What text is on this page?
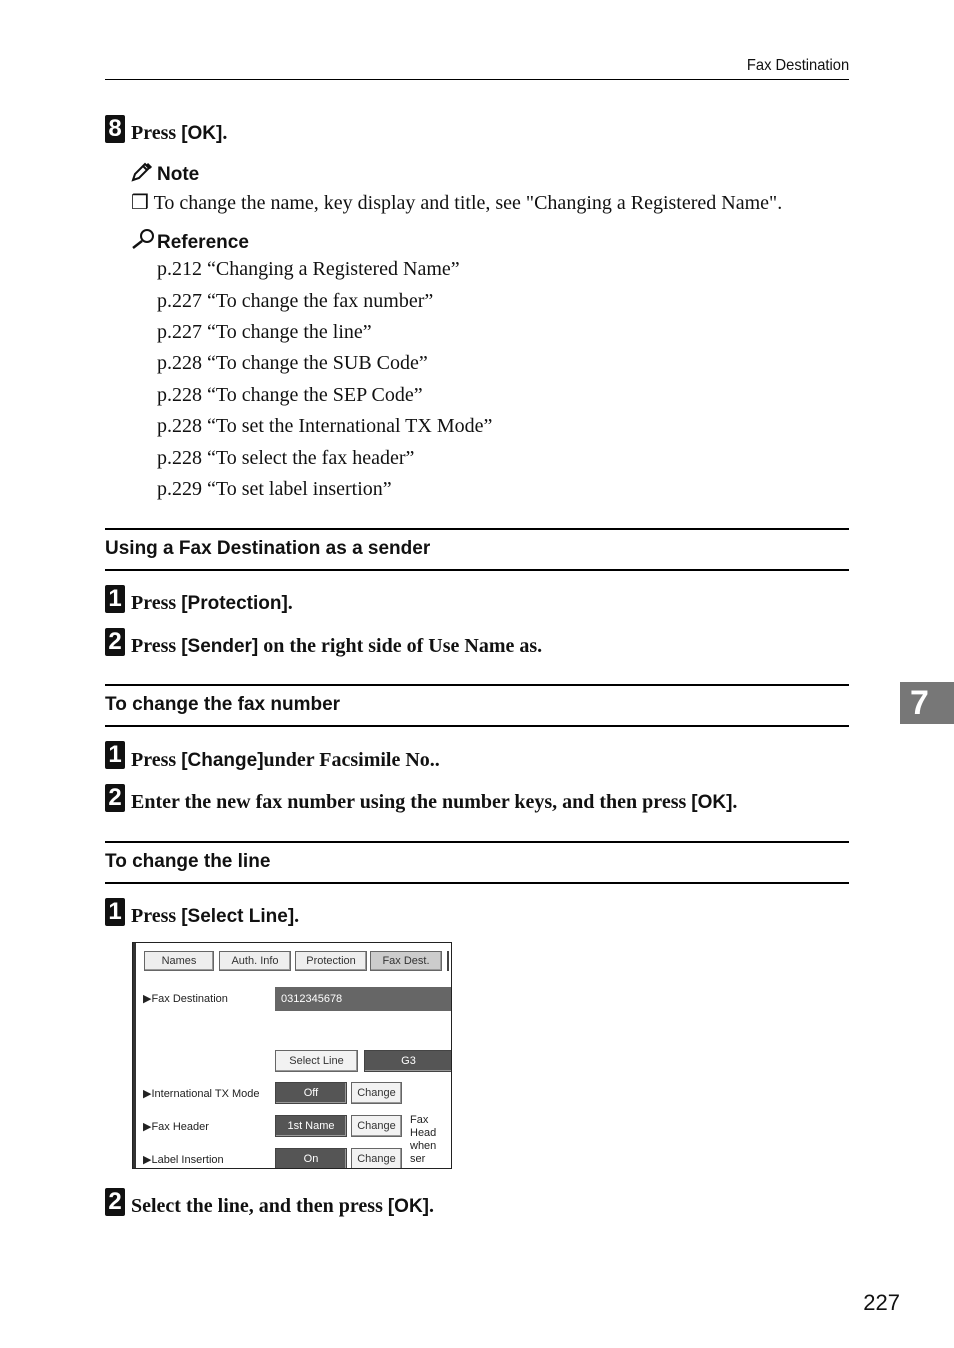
Fax Destination
8 Press [OK].
Note
❒ To change the name, key display and title, see "Changing a Registered Name".
Reference
p.212 “Changing a Registered Name”
p.227 “To change the fax number”
p.227 “To change the line”
p.228 “To change the SUB Code”
p.228 “To change the SEP Code”
p.228 “To set the International TX Mode”
p.228 “To select the fax header”
p.229 “To set label insertion”
Using a Fax Destination as a sender
1 Press [Protection].
2 Press [Sender] on the right side of Use Name as.
To change the fax number
1 Press [Change]under Facsimile No..
2 Enter the new fax number using the number keys, and then press [OK].
7
To change the line
1 Press [Select Line].
Names	Auth. Info	Protection	Fax Dest.
▶Fax Destination	0312345678
Select Line	G3
▶International TX Mode	Off	Change
▶Fax Header	1st Name	Change	Fax Head
when ser
▶Label Insertion	On	Change
2 Select the line, and then press [OK].
227
